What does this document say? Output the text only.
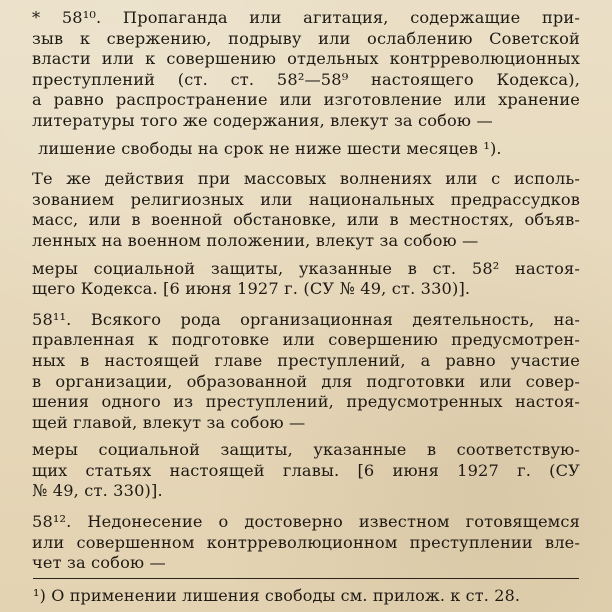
* 58¹⁰. Пропаганда или агитация, содержащие при-
зыв к свержению, подрыву или ослаблению Советской
власти или к совершению отдельных контрреволюционных
преступлений (ст. ст. 58²—58⁹ настоящего Кодекса),
а равно распространение или изготовление или хранение
литературы того же содержания, влекут за собою —
лишение свободы на срок не ниже шести месяцев ¹).
Те же действия при массовых волнениях или с исполь-
зованием религиозных или национальных предрассудков
масс, или в военной обстановке, или в местностях, объяв-
ленных на военном положении, влекут за собою —
меры социальной защиты, указанные в ст. 58² настоя-
щего Кодекса. [6 июня 1927 г. (СУ № 49, ст. 330)].
58¹¹. Всякого рода организационная деятельность, на-
правленная к подготовке или совершению предусмотрен-
ных в настоящей главе преступлений, а равно участие
в организации, образованной для подготовки или совер-
шения одного из преступлений, предусмотренных настоя-
щей главой, влекут за собою —
меры социальной защиты, указанные в соответствую-
щих статьях настоящей главы. [6 июня 1927 г. (СУ
№ 49, ст. 330)].
58¹². Недонесение о достоверно известном готовящемся
или совершенном контрреволюционном преступлении вле-
чет за собою —
¹) О применении лишения свободы см. прилож. к ст. 28.
